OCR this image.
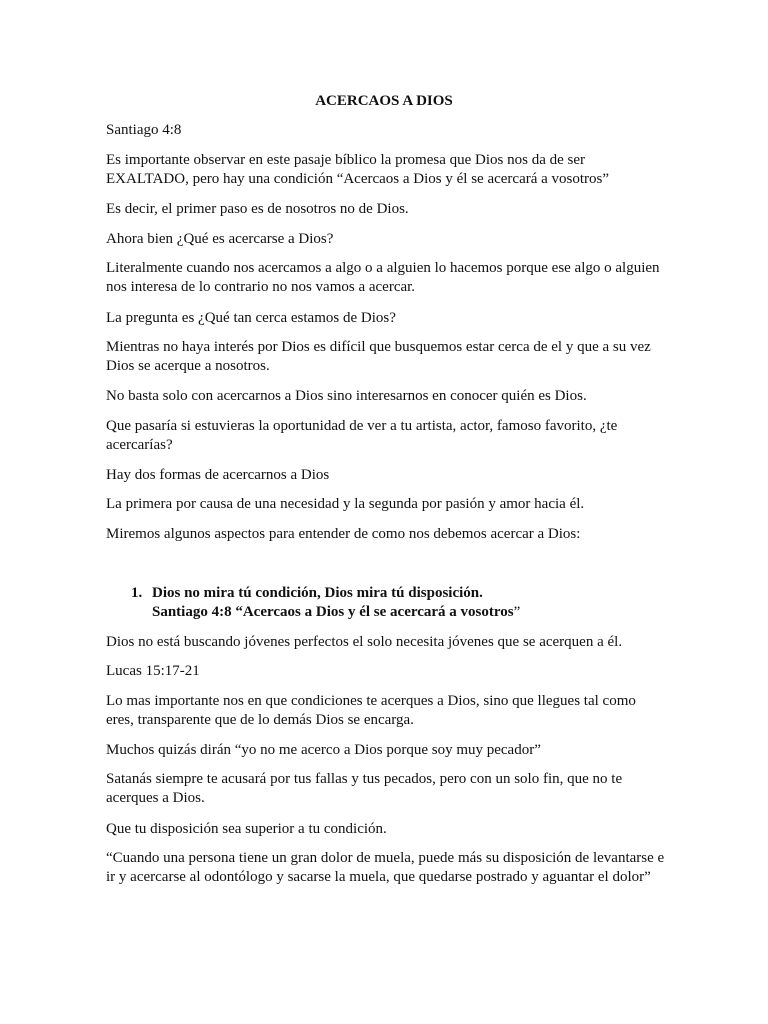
ACERCAOS A DIOS

Santiago 4:8

Es importante observar en este pasaje bíblico la promesa que Dios nos da de ser EXALTADO, pero hay una condición “Acercaos a Dios y él se acercará a vosotros”

Es decir, el primer paso es de nosotros no de Dios.

Ahora bien ¿Qué es acercarse a Dios?

Literalmente cuando nos acercamos a algo o a alguien lo hacemos porque ese algo o alguien nos interesa de lo contrario no nos vamos a acercar.

La pregunta es ¿Qué tan cerca estamos de Dios?

Mientras no haya interés por Dios es difícil que busquemos estar cerca de el y que a su vez Dios se acerque a nosotros.

No basta solo con acercarnos a Dios sino interesarnos en conocer quién es Dios.

Que pasaría si estuvieras la oportunidad de ver a tu artista, actor, famoso favorito, ¿te acercarías?

Hay dos formas de acercarnos a Dios

La primera por causa de una necesidad y la segunda por pasión y amor hacia él.

Miremos algunos aspectos para entender de como nos debemos acercar a Dios:

1. Dios no mira tú condición, Dios mira tú disposición.
Santiago 4:8 “Acercaos a Dios y él se acercará a vosotros”

Dios no está buscando jóvenes perfectos el solo necesita jóvenes que se acerquen a él.

Lucas 15:17-21

Lo mas importante nos en que condiciones te acerques a Dios, sino que llegues tal como eres, transparente que de lo demás Dios se encarga.

Muchos quizás dirán “yo no me acerco a Dios porque soy muy pecador”

Satanás siempre te acusará por tus fallas y tus pecados, pero con un solo fin, que no te acerques a Dios.

Que tu disposición sea superior a tu condición.

“Cuando una persona tiene un gran dolor de muela, puede más su disposición de levantarse e ir y acercarse al odontólogo y sacarse la muela, que quedarse postrado y aguantar el dolor”
